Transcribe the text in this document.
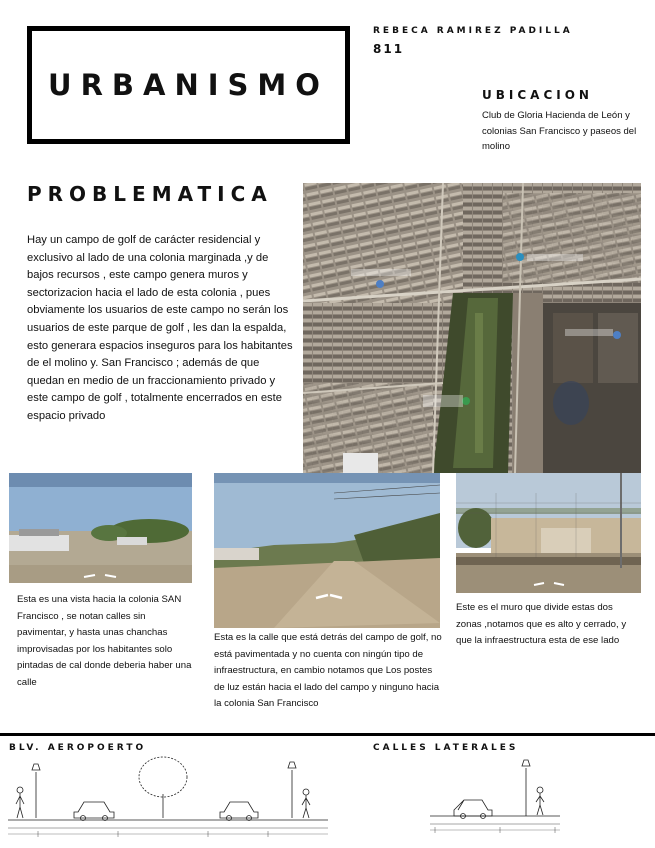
URBANISMO
REBECA RAMIREZ PADILLA
811
UBICACION
Club de Gloria Hacienda de León y colonias San Francisco y paseos del molino
PROBLEMATICA
Hay un campo de golf de carácter residencial y exclusivo al lado de una colonia marginada ,y de bajos recursos , este campo genera muros y sectorizacion hacia el lado de esta colonia , pues obviamente los usuarios de este campo no serán los usuarios de este parque de golf , les dan la espalda, esto generara espacios inseguros para los habitantes de el molino y. San Francisco ; además de que quedan en medio de un fraccionamiento privado y este campo de golf , totalmente encerrados en este espacio privado
Esta es una vista hacia la colonia SAN Francisco , se notan calles sin pavimentar, y hasta unas chanchas improvisadas por los habitantes solo pintadas de cal donde deberia haber una calle
Esta es la calle que está detrás del campo de golf, no está pavimentada y no cuenta con ningún tipo de infraestructura, en cambio notamos que Los postes de luz están hacia el lado del campo y ninguno hacia la colonia San Francisco
Este es el muro que divide estas dos zonas ,notamos que es alto y cerrado, y que la infraestructura esta de ese lado
BLV. AEROPOERTO	CALLES LATERALES
